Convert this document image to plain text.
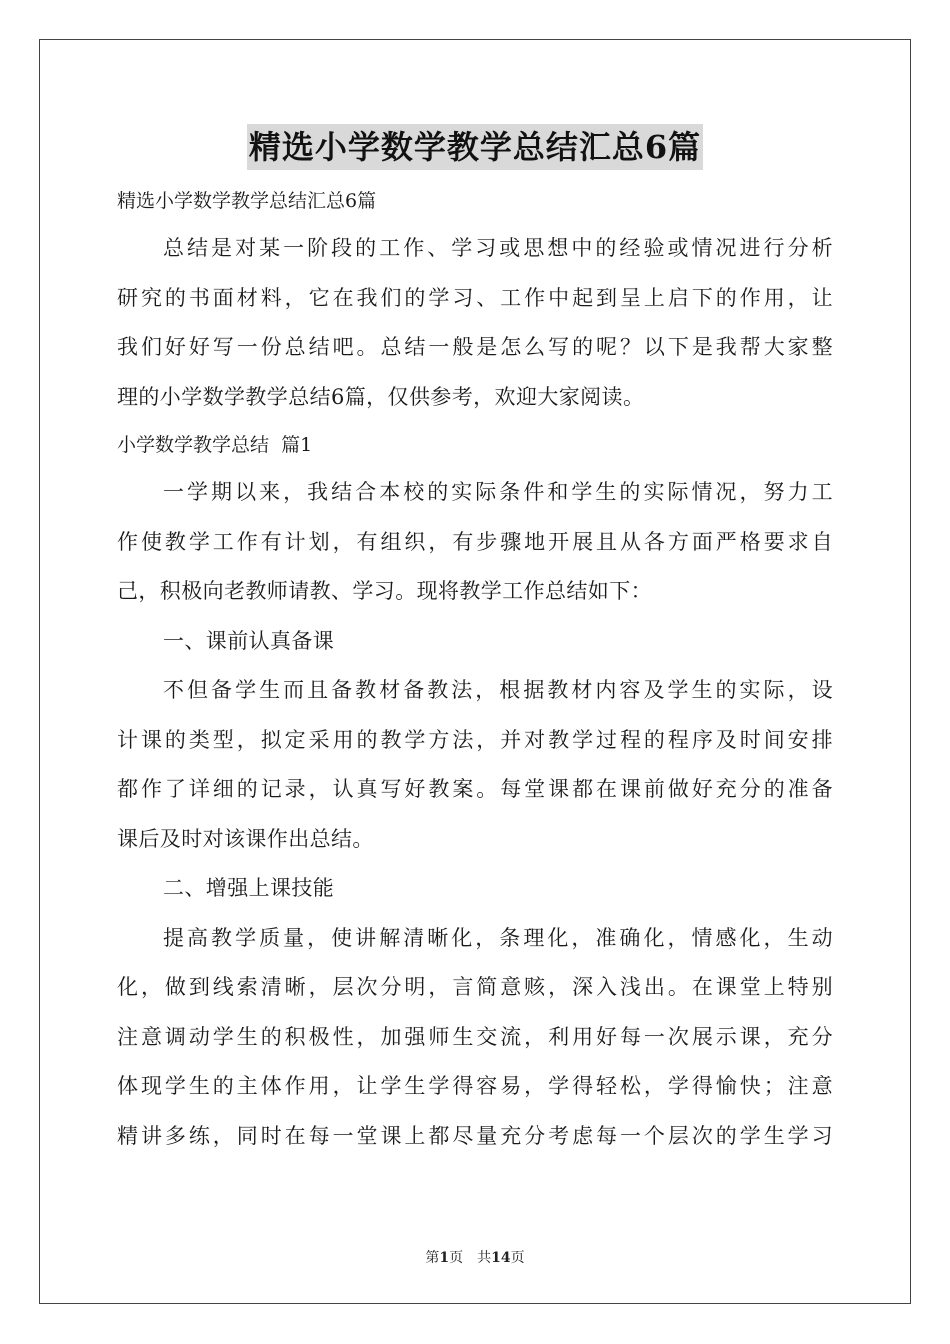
精选小学数学教学总结汇总6篇
精选小学数学教学总结汇总6篇
总结是对某一阶段的工作、学习或思想中的经验或情况进行分析
研究的书面材料，它在我们的学习、工作中起到呈上启下的作用，让
我们好好写一份总结吧。总结一般是怎么写的呢？以下是我帮大家整
理的小学数学教学总结6篇，仅供参考，欢迎大家阅读。
小学数学教学总结  篇1
一学期以来，我结合本校的实际条件和学生的实际情况，努力工
作使教学工作有计划，有组织，有步骤地开展且从各方面严格要求自
己，积极向老教师请教、学习。现将教学工作总结如下：
一、课前认真备课
不但备学生而且备教材备教法，根据教材内容及学生的实际，设
计课的类型，拟定采用的教学方法，并对教学过程的程序及时间安排
都作了详细的记录，认真写好教案。每堂课都在课前做好充分的准备
课后及时对该课作出总结。
二、增强上课技能
提高教学质量，使讲解清晰化，条理化，准确化，情感化，生动
化，做到线索清晰，层次分明，言简意赅，深入浅出。在课堂上特别
注意调动学生的积极性，加强师生交流，利用好每一次展示课，充分
体现学生的主体作用，让学生学得容易，学得轻松，学得愉快；注意
精讲多练，同时在每一堂课上都尽量充分考虑每一个层次的学生学习
第1页 共14页
